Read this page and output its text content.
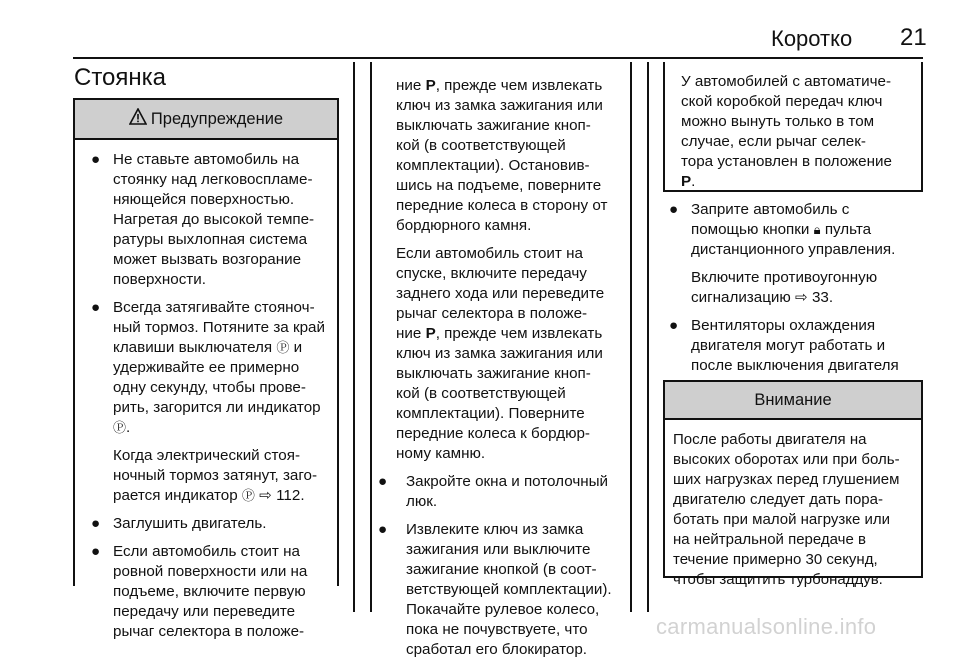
Коротко 21
Стоянка
Предупреждение
● Не ставьте автомобиль на
стоянку над легковоспламе-
няющейся поверхностью.
Нагретая до высокой темпе-
ратуры выхлопная система
может вызвать возгорание
поверхности.
● Всегда затягивайте стояноч-
ный тормоз. Потяните за край
клавиши выключателя Ⓟ и
удерживайте ее примерно
одну секунду, чтобы прове-
рить, загорится ли индикатор

Ⓟ.

Когда электрический стоя-
ночный тормоз затянут, заго-
рается индикатор Ⓟ ⇨ 112.
● Заглушить двигатель.
● Если автомобиль стоит на
ровной поверхности или на
подъеме, включите первую
передачу или переведите
рычаг селектора в положе-
ние P, прежде чем извлекать
ключ из замка зажигания или
выключать зажигание кноп-
кой (в соответствующей
комплектации). Остановив-
шись на подъеме, поверните
передние колеса в сторону от

бордюрного камня.

Если автомобиль стоит на
спуске, включите передачу
заднего хода или переведите
рычаг селектора в положе-
ние P, прежде чем извлекать
ключ из замка зажигания или
выключать зажигание кноп-
кой (в соответствующей
комплектации). Поверните
передние колеса к бордюр-

ному камню.

● Закройте окна и потолочный
люк.
● Извлеките ключ из замка
зажигания или выключите
зажигание кнопкой (в соот-
ветствующей комплектации).
Покачайте рулевое колесо,
пока не почувствуете, что
сработал его блокиратор.
У автомобилей с автоматиче-
ской коробкой передач ключ
можно вынуть только в том
случае, если рычаг селек-
тора установлен в положение
P.
● Заприте автомобиль с
помощью кнопки 🔒︎ пульта

дистанционного управления.

Включите противоугонную
сигнализацию ⇨ 33.
● Вентиляторы охлаждения
двигателя могут работать и
после выключения двигателя
Внимание
После работы двигателя на
высоких оборотах или при боль-
ших нагрузках перед глушением
двигателю следует дать пора-
ботать при малой нагрузке или
на нейтральной передаче в
течение примерно 30 секунд,
чтобы защитить турбонаддув.
carmanualsonline.info
